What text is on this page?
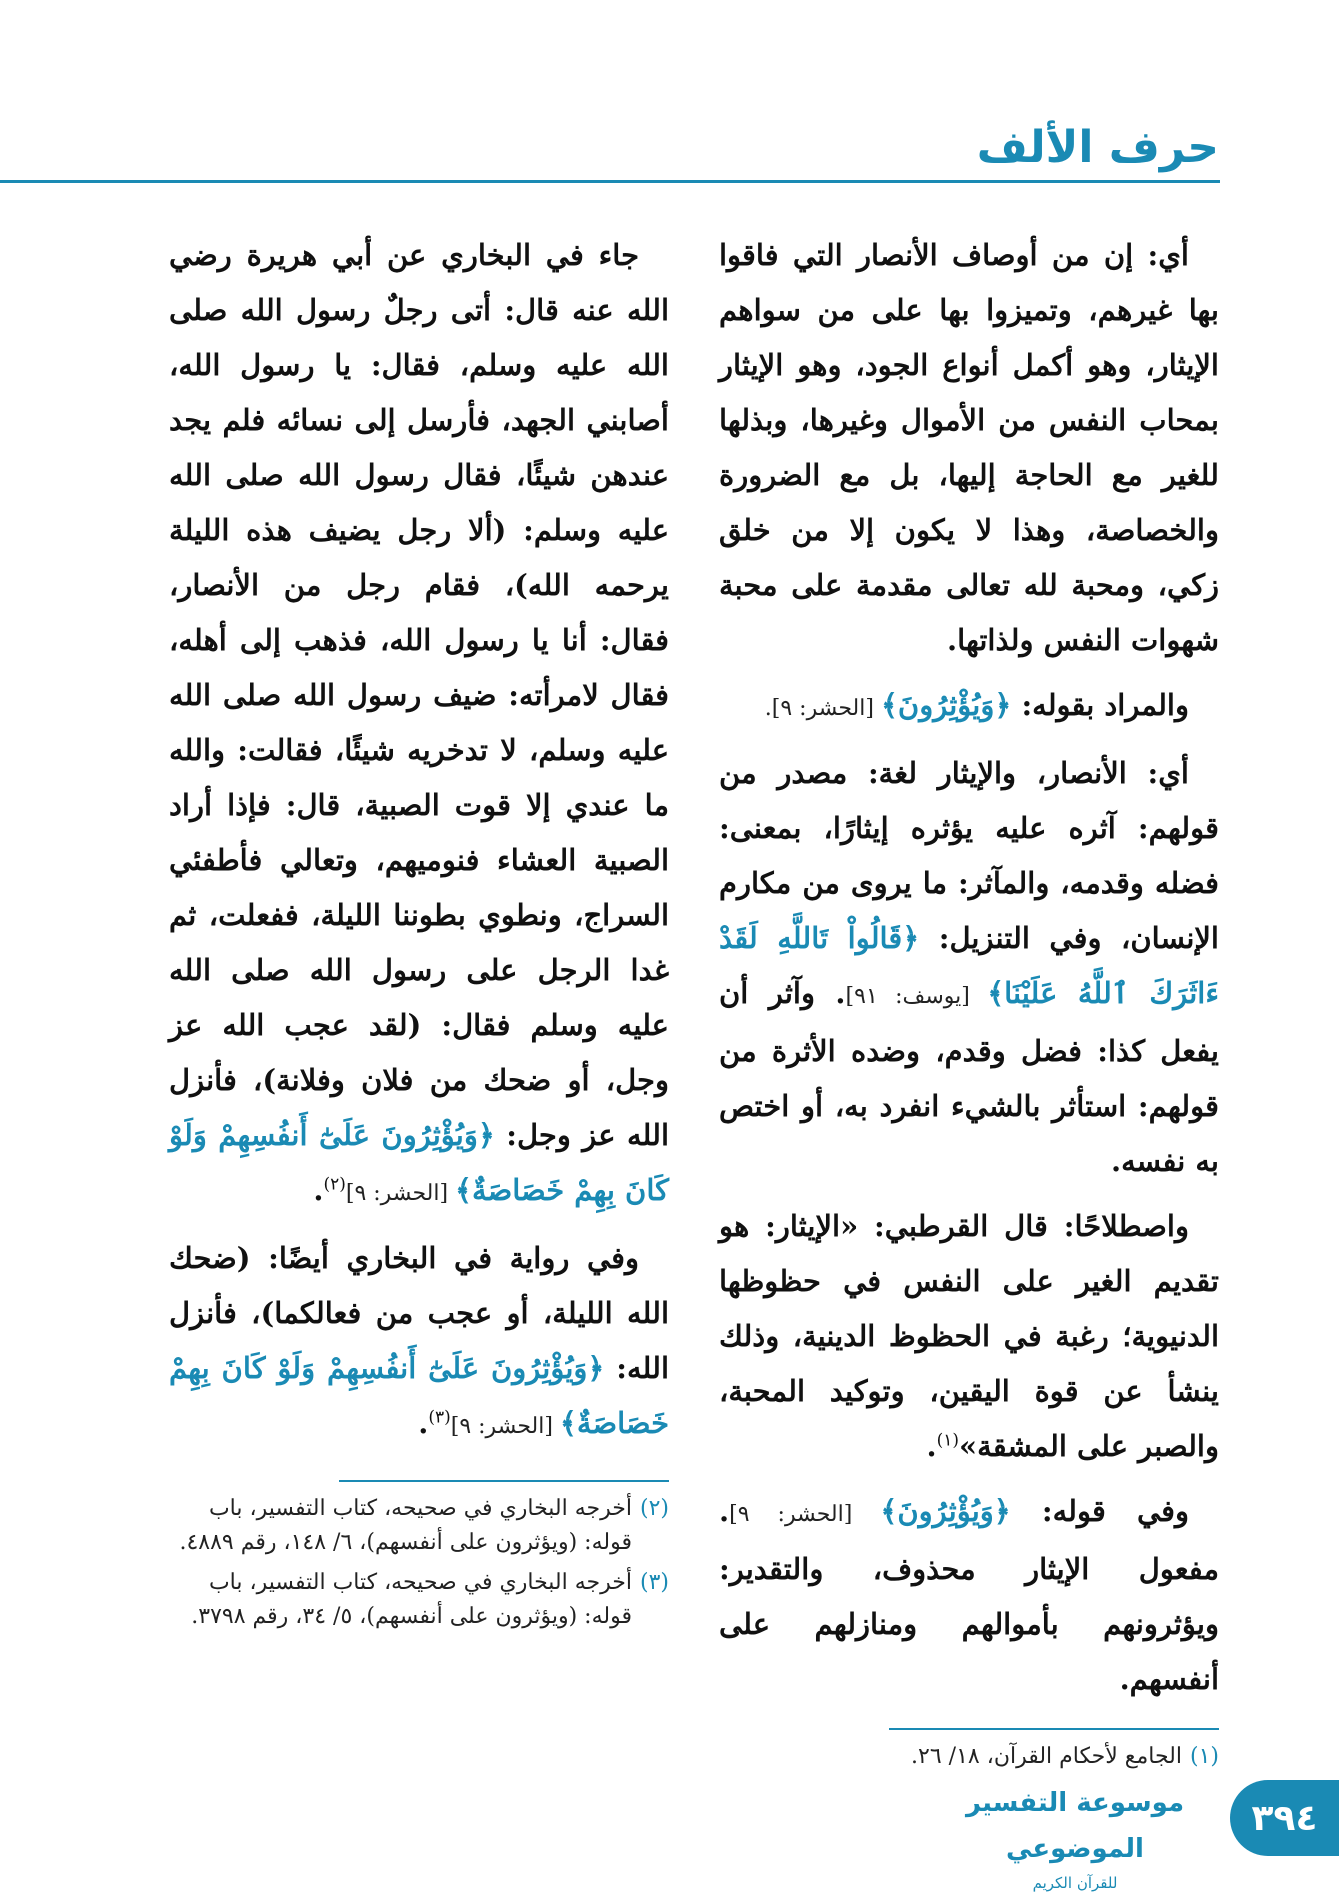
حرف الألف

أي: إن من أوصاف الأنصار التي فاقوا بها غيرهم، وتميزوا بها على من سواهم الإيثار، وهو أكمل أنواع الجود، وهو الإيثار بمحاب النفس من الأموال وغيرها، وبذلها للغير مع الحاجة إليها، بل مع الضرورة والخصاصة، وهذا لا يكون إلا من خلق زكي، ومحبة لله تعالى مقدمة على محبة شهوات النفس ولذاتها.

والمراد بقوله: ﴿وَيُؤْثِرُونَ﴾ [الحشر: ٩].

أي: الأنصار، والإيثار لغة: مصدر من قولهم: آثره عليه يؤثره إيثارًا، بمعنى: فضله وقدمه، والمآثر: ما يروى من مكارم الإنسان، وفي التنزيل: ﴿قَالُواْ تَاللَّهِ لَقَدْ ءَاثَرَكَ ٱللَّهُ عَلَيْنَا﴾ [يوسف: ٩١]. وآثر أن يفعل كذا: فضل وقدم، وضده الأثرة من قولهم: استأثر بالشيء انفرد به، أو اختص به نفسه.

واصطلاحًا: قال القرطبي: «الإيثار: هو تقديم الغير على النفس في حظوظها الدنيوية؛ رغبة في الحظوظ الدينية، وذلك ينشأ عن قوة اليقين، وتوكيد المحبة، والصبر على المشقة»$^{(١)}$.

وفي قوله: ﴿وَيُؤْثِرُونَ﴾ [الحشر: ٩]. مفعول الإيثار محذوف، والتقدير: ويؤثرونهم بأموالهم ومنازلهم على أنفسهم.

جاء في البخاري عن أبي هريرة رضي الله عنه قال: أتى رجلٌ رسول الله صلى الله عليه وسلم، فقال: يا رسول الله، أصابني الجهد، فأرسل إلى نسائه فلم يجد عندهن شيئًا، فقال رسول الله صلى الله عليه وسلم: (ألا رجل يضيف هذه الليلة يرحمه الله)، فقام رجل من الأنصار، فقال: أنا يا رسول الله، فذهب إلى أهله، فقال لامرأته: ضيف رسول الله صلى الله عليه وسلم، لا تدخريه شيئًا، فقالت: والله ما عندي إلا قوت الصبية، قال: فإذا أراد الصبية العشاء فنوميهم، وتعالي فأطفئي السراج، ونطوي بطوننا الليلة، ففعلت، ثم غدا الرجل على رسول الله صلى الله عليه وسلم فقال: (لقد عجب الله عز وجل، أو ضحك من فلان وفلانة)، فأنزل الله عز وجل: ﴿وَيُؤْثِرُونَ عَلَىٰٓ أَنفُسِهِمْ وَلَوْ كَانَ بِهِمْ خَصَاصَةٌ﴾ [الحشر: ٩]$^{(٢)}$.

وفي رواية في البخاري أيضًا: (ضحك الله الليلة، أو عجب من فعالكما)، فأنزل الله: ﴿وَيُؤْثِرُونَ عَلَىٰٓ أَنفُسِهِمْ وَلَوْ كَانَ بِهِمْ خَصَاصَةٌ﴾ [الحشر: ٩]$^{(٣)}$.

(٢)
أخرجه البخاري في صحيحه، كتاب التفسير، باب قوله: (ويؤثرون على أنفسهم)، ٦/ ١٤٨، رقم ٤٨٨٩.
(٣)
أخرجه البخاري في صحيحه، كتاب التفسير، باب قوله: (ويؤثرون على أنفسهم)، ٥/ ٣٤، رقم ٣٧٩٨.
(١)
الجامع لأحكام القرآن، ١٨/ ٢٦.
موسوعة التفسير الموضوعي
للقرآن الكريم
٣٩٤
